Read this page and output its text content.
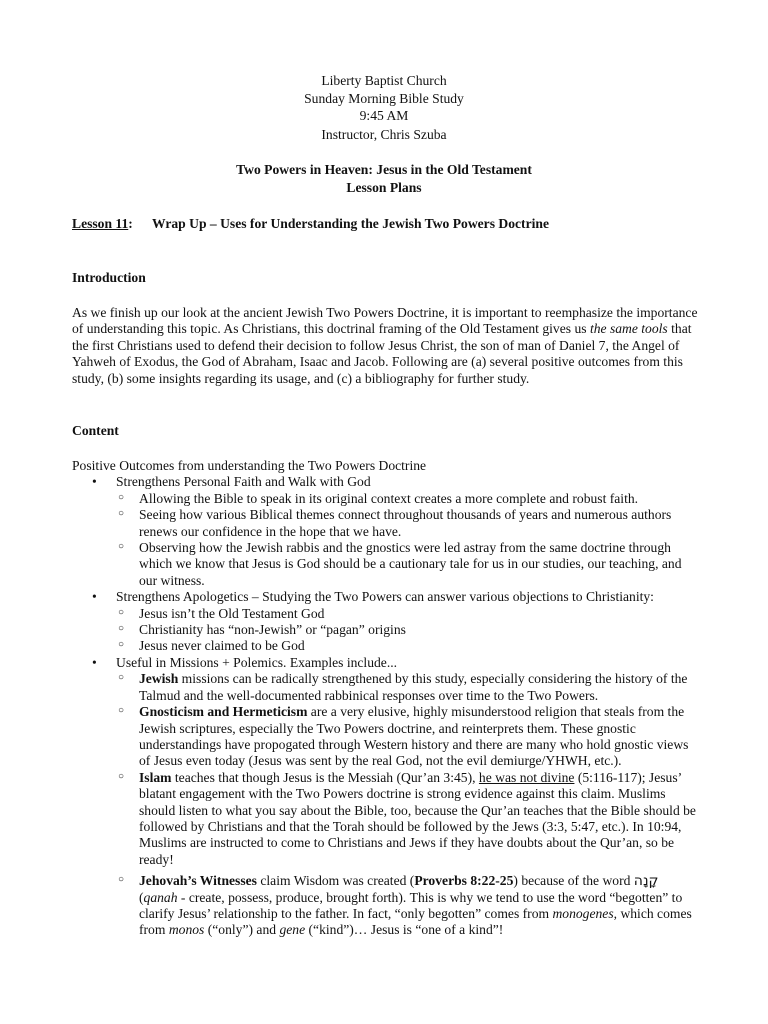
Liberty Baptist Church
Sunday Morning Bible Study
9:45 AM
Instructor, Chris Szuba
Two Powers in Heaven: Jesus in the Old Testament
Lesson Plans
Lesson 11: Wrap Up – Uses for Understanding the Jewish Two Powers Doctrine
Introduction
As we finish up our look at the ancient Jewish Two Powers Doctrine, it is important to reemphasize the importance of understanding this topic. As Christians, this doctrinal framing of the Old Testament gives us the same tools that the first Christians used to defend their decision to follow Jesus Christ, the son of man of Daniel 7, the Angel of Yahweh of Exodus, the God of Abraham, Isaac and Jacob. Following are (a) several positive outcomes from this study, (b) some insights regarding its usage, and (c) a bibliography for further study.
Content
Positive Outcomes from understanding the Two Powers Doctrine
• Strengthens Personal Faith and Walk with God
○ Allowing the Bible to speak in its original context creates a more complete and robust faith.
○ Seeing how various Biblical themes connect throughout thousands of years and numerous authors renews our confidence in the hope that we have.
○ Observing how the Jewish rabbis and the gnostics were led astray from the same doctrine through which we know that Jesus is God should be a cautionary tale for us in our studies, our teaching, and our witness.
• Strengthens Apologetics – Studying the Two Powers can answer various objections to Christianity:
○ Jesus isn’t the Old Testament God
○ Christianity has “non-Jewish” or “pagan” origins
○ Jesus never claimed to be God
• Useful in Missions + Polemics. Examples include...
○ Jewish missions can be radically strengthened by this study, especially considering the history of the Talmud and the well-documented rabbinical responses over time to the Two Powers.
○ Gnosticism and Hermeticism are a very elusive, highly misunderstood religion that steals from the Jewish scriptures, especially the Two Powers doctrine, and reinterprets them. These gnostic understandings have propogated through Western history and there are many who hold gnostic views of Jesus even today (Jesus was sent by the real God, not the evil demiurge/YHWH, etc.).
○ Islam teaches that though Jesus is the Messiah (Qur’an 3:45), he was not divine (5:116-117); Jesus’ blatant engagement with the Two Powers doctrine is strong evidence against this claim. Muslims should listen to what you say about the Bible, too, because the Qur’an teaches that the Bible should be followed by Christians and that the Torah should be followed by the Jews (3:3, 5:47, etc.). In 10:94, Muslims are instructed to come to Christians and Jews if they have doubts about the Qur’an, so be ready!
○ Jehovah’s Witnesses claim Wisdom was created (Proverbs 8:22-25) because of the word קָנָה (qanah - create, possess, produce, brought forth). This is why we tend to use the word “begotten” to clarify Jesus’ relationship to the father. In fact, “only begotten” comes from monogenes, which comes from monos (“only”) and gene (“kind”)… Jesus is “one of a kind”!
